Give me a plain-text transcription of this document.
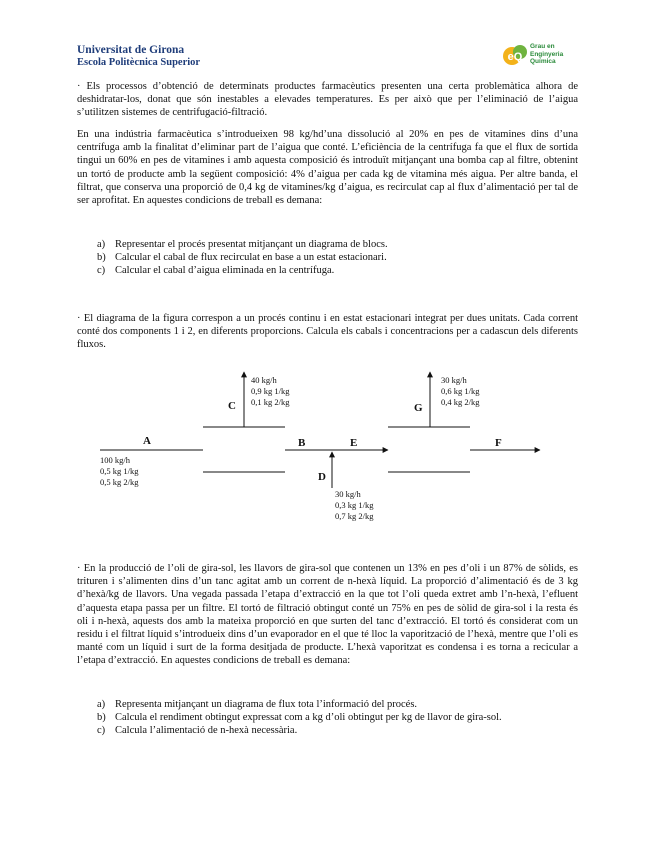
Universitat de Girona
Escola Politècnica Superior	eQ
Grau en
Enginyeria
Química

· Els processos d’obtenció de determinats productes farmacèutics presenten una certa problemàtica alhora de deshidratar-los, donat que són inestables a elevades temperatures. Es per això que per l’eliminació de l’aigua s’utilitzen sistemes de centrifugació-filtració.

En una indústria farmacèutica s’introdueixen 98 kg/hd’una dissolució al 20% en pes de vitamines dins d’una centrífuga amb la finalitat d’eliminar part de l’aigua que conté. L’eficiència de la centrífuga fa que el flux de sortida tingui un 60% en pes de vitamines i amb aquesta composició és introduït mitjançant una bomba cap al filtre, obtenint un tortó de producte amb la següent composició: 4% d’aigua per cada kg de vitamina més aigua. Per altre banda, el filtrat, que conserva una proporció de 0,4 kg de vitamines/kg d’aigua, es recirculat cap al flux d’alimentació per tal de ser aprofitat. En aquestes condicions de treball es demana:

a) Representar el procés presentat mitjançant un diagrama de blocs.
b) Calcular el cabal de flux recirculat en base a un estat estacionari.
c) Calcular el cabal d’aigua eliminada en la centrífuga.

· El diagrama de la figura correspon a un procés continu i en estat estacionari integrat per dues unitats. Cada corrent conté dos components 1 i 2, en diferents proporcions. Calcula els cabals i concentracions per a cadascun dels diferents fluxos.

A
C
B	E
D
G
F
100 kg/h
0,5 kg 1/kg
0,5 kg 2/kg
40 kg/h
0,9 kg 1/kg
0,1 kg 2/kg
30 kg/h
0,3 kg 1/kg
0,7 kg 2/kg
30 kg/h
0,6 kg 1/kg
0,4 kg 2/kg

· En la producció de l’oli de gira-sol, les llavors de gira-sol que contenen un 13% en pes d’oli i un 87% de sòlids, es trituren i s’alimenten dins d’un tanc agitat amb un corrent de n-hexà líquid. La proporció d’alimentació és de 3 kg d’hexà/kg de llavors. Una vegada passada l’etapa d’extracció en la que tot l’oli queda extret amb l’n-hexà, l’efluent d’aquesta etapa passa per un filtre. El tortó de filtració obtingut conté un 75% en pes de sòlid de gira-sol i la resta és oli i n-hexà, aquests dos amb la mateixa proporció en que surten del tanc d’extracció. El tortó és considerat com un residu i el filtrat líquid s’introdueix dins d’un evaporador en el que té lloc la vaporització de l’hexà, mentre que l’oli es manté com un líquid i surt de la forma desitjada de producte. L’hexà vaporitzat es condensa i es torna a recicular a l’etapa d’extracció. En aquestes condicions de treball es demana:

a) Representa mitjançant un diagrama de flux tota l’informació del procés.
b) Calcula el rendiment obtingut expressat com a kg d’oli obtingut per kg de llavor de gira-sol.
c) Calcula l’alimentació de n-hexà necessària.
